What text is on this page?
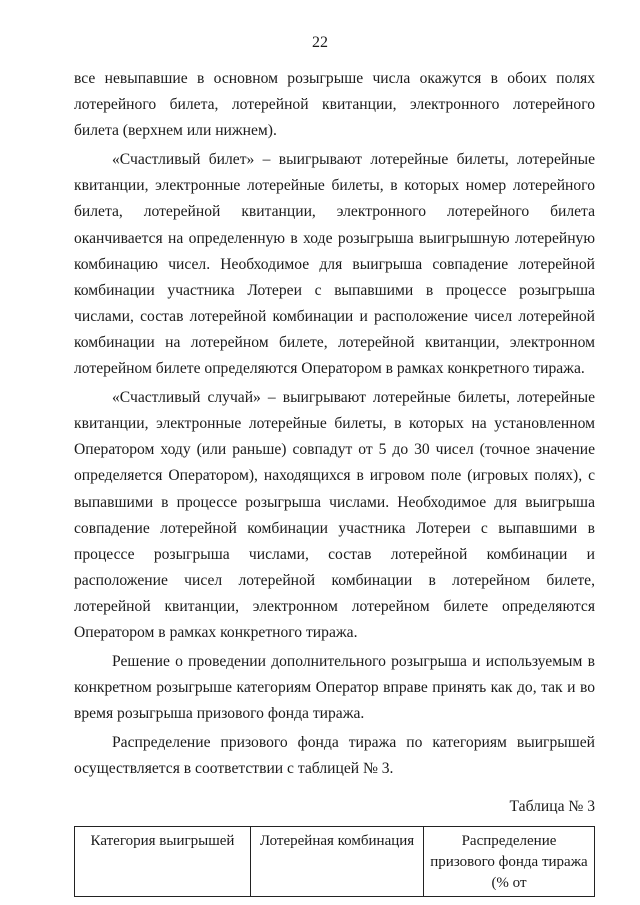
22

все невыпавшие в основном розыгрыше числа окажутся в обоих полях лотерейного билета, лотерейной квитанции, электронного лотерейного билета (верхнем или нижнем).

«Счастливый билет» – выигрывают лотерейные билеты, лотерейные квитанции, электронные лотерейные билеты, в которых номер лотерейного билета, лотерейной квитанции, электронного лотерейного билета оканчивается на определенную в ходе розыгрыша выигрышную лотерейную комбинацию чисел. Необходимое для выигрыша совпадение лотерейной комбинации участника Лотереи с выпавшими в процессе розыгрыша числами, состав лотерейной комбинации и расположение чисел лотерейной комбинации на лотерейном билете, лотерейной квитанции, электронном лотерейном билете определяются Оператором в рамках конкретного тиража.

«Счастливый случай» – выигрывают лотерейные билеты, лотерейные квитанции, электронные лотерейные билеты, в которых на установленном Оператором ходу (или раньше) совпадут от 5 до 30 чисел (точное значение определяется Оператором), находящихся в игровом поле (игровых полях), с выпавшими в процессе розыгрыша числами. Необходимое для выигрыша совпадение лотерейной комбинации участника Лотереи с выпавшими в процессе розыгрыша числами, состав лотерейной комбинации и расположение чисел лотерейной комбинации в лотерейном билете, лотерейной квитанции, электронном лотерейном билете определяются Оператором в рамках конкретного тиража.

Решение о проведении дополнительного розыгрыша и используемым в конкретном розыгрыше категориям Оператор вправе принять как до, так и во время розыгрыша призового фонда тиража.

Распределение призового фонда тиража по категориям выигрышей осуществляется в соответствии с таблицей № 3.

Таблица № 3
Категория выигрышей	Лотерейная комбинация	Распределение призового фонда тиража (% от
